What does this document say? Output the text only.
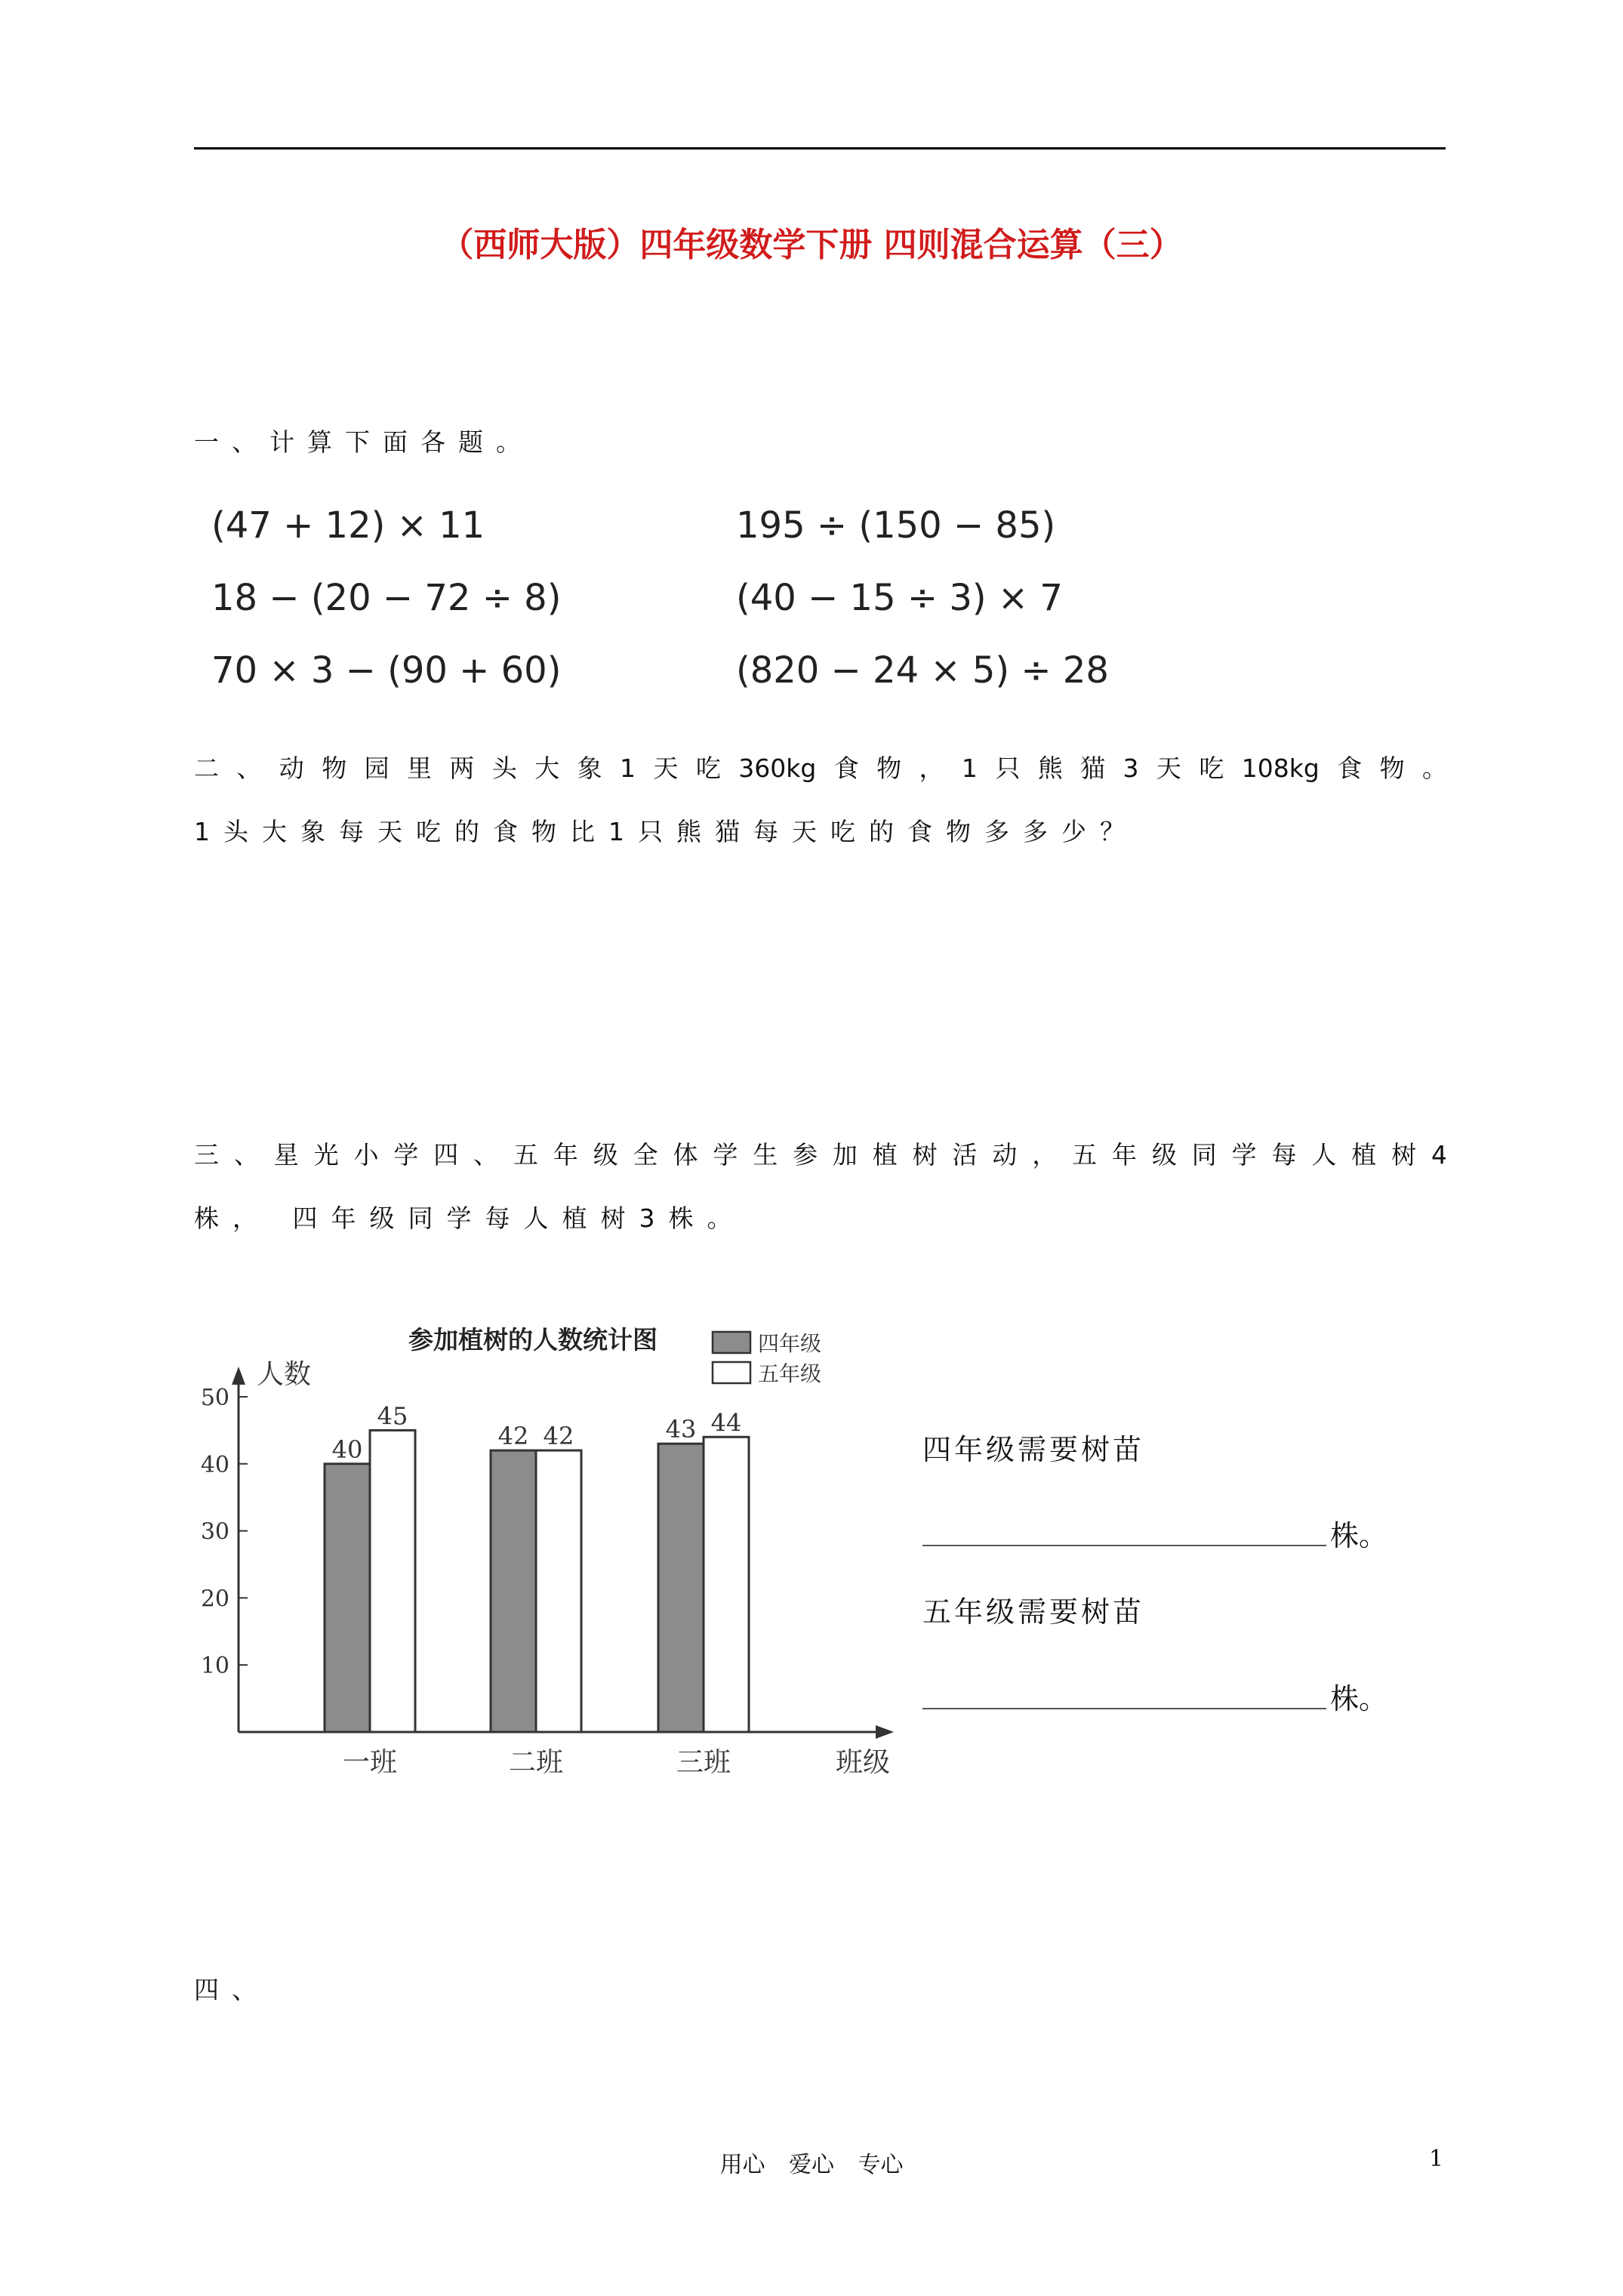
（西师大版）四年级数学下册 四则混合运算（三）
一、计算下面各题。
(47 + 12) × 11	195 ÷ (150 − 85)
18 − (20 − 72 ÷ 8)	(40 − 15 ÷ 3) × 7
70 × 3 − (90 + 60)	(820 − 24 × 5) ÷ 28
二、动物园里两头大象1天吃360kg食物，1只熊猫3天吃108kg食物。
1头大象每天吃的食物比1只熊猫每天吃的食物多多少？
三、星光小学四、五年级全体学生参加植树活动，五年级同学每人植树4
株， 四年级同学每人植树3株。
10
20
30
40
50
人数
班级
参加植树的人数统计图	四年级
五年级
40
45
一班
42 42
二班
43 44
三班
四年级需要树苗
株。
五年级需要树苗
株。
四、
用心 爱心 专心	1
